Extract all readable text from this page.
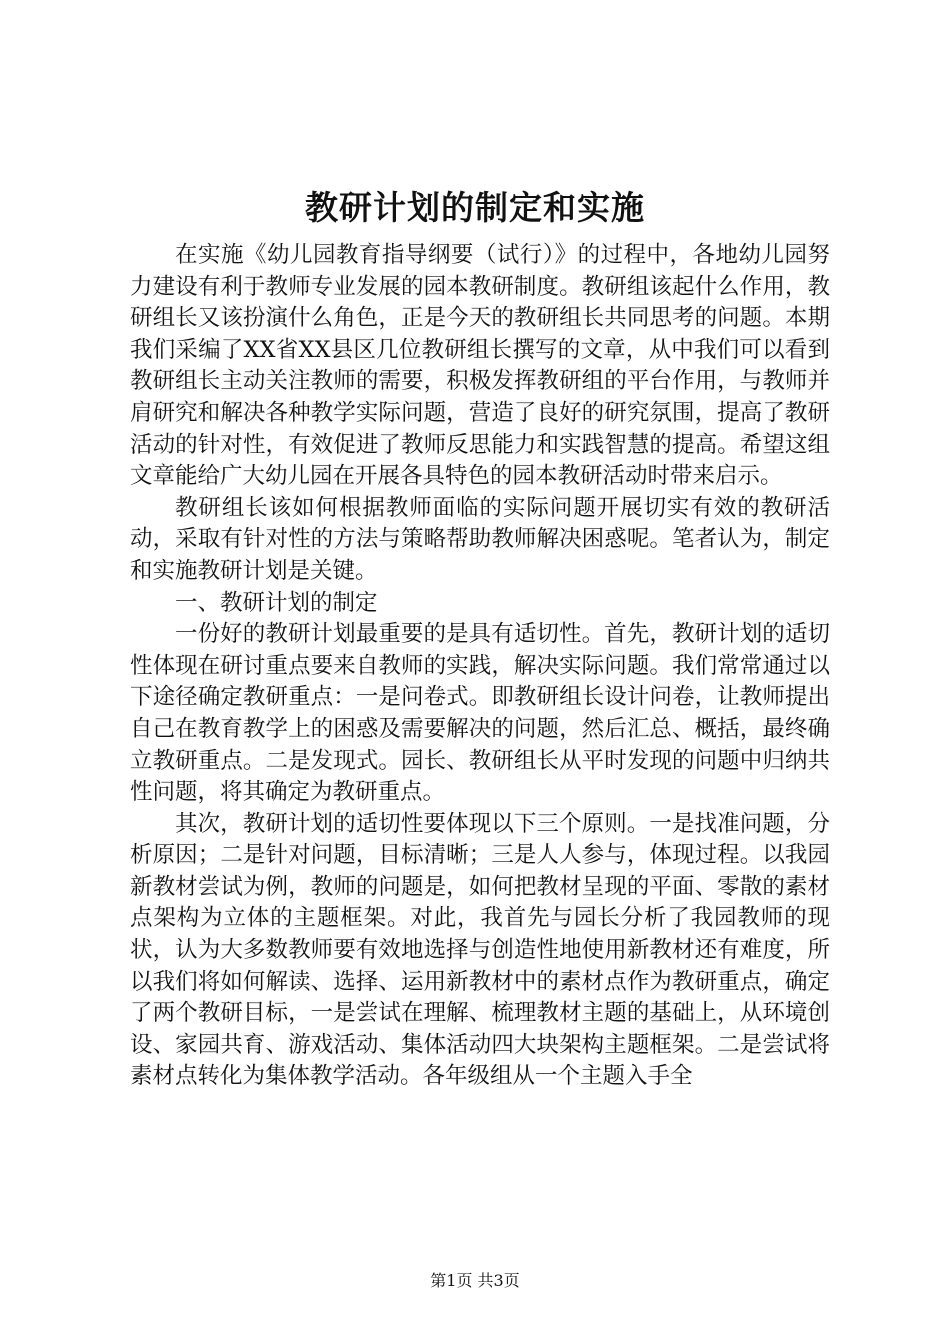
教研计划的制定和实施

在实施《幼儿园教育指导纲要（试行）》的过程中，各地幼儿园努力建设有利于教师专业发展的园本教研制度。教研组该起什么作用，教研组长又该扮演什么角色，正是今天的教研组长共同思考的问题。本期我们采编了XX省XX县区几位教研组长撰写的文章，从中我们可以看到教研组长主动关注教师的需要，积极发挥教研组的平台作用，与教师并肩研究和解决各种教学实际问题，营造了良好的研究氛围，提高了教研活动的针对性，有效促进了教师反思能力和实践智慧的提高。希望这组文章能给广大幼儿园在开展各具特色的园本教研活动时带来启示。

教研组长该如何根据教师面临的实际问题开展切实有效的教研活动，采取有针对性的方法与策略帮助教师解决困惑呢。笔者认为，制定和实施教研计划是关键。

一、教研计划的制定

一份好的教研计划最重要的是具有适切性。首先，教研计划的适切性体现在研讨重点要来自教师的实践，解决实际问题。我们常常通过以下途径确定教研重点：一是问卷式。即教研组长设计问卷，让教师提出自己在教育教学上的困惑及需要解决的问题，然后汇总、概括，最终确立教研重点。二是发现式。园长、教研组长从平时发现的问题中归纳共性问题，将其确定为教研重点。

其次，教研计划的适切性要体现以下三个原则。一是找准问题，分析原因；二是针对问题，目标清晰；三是人人参与，体现过程。以我园新教材尝试为例，教师的问题是，如何把教材呈现的平面、零散的素材点架构为立体的主题框架。对此，我首先与园长分析了我园教师的现状，认为大多数教师要有效地选择与创造性地使用新教材还有难度，所以我们将如何解读、选择、运用新教材中的素材点作为教研重点，确定了两个教研目标，一是尝试在理解、梳理教材主题的基础上，从环境创设、家园共育、游戏活动、集体活动四大块架构主题框架。二是尝试将素材点转化为集体教学活动。各年级组从一个主题入手全

第1页 共3页
